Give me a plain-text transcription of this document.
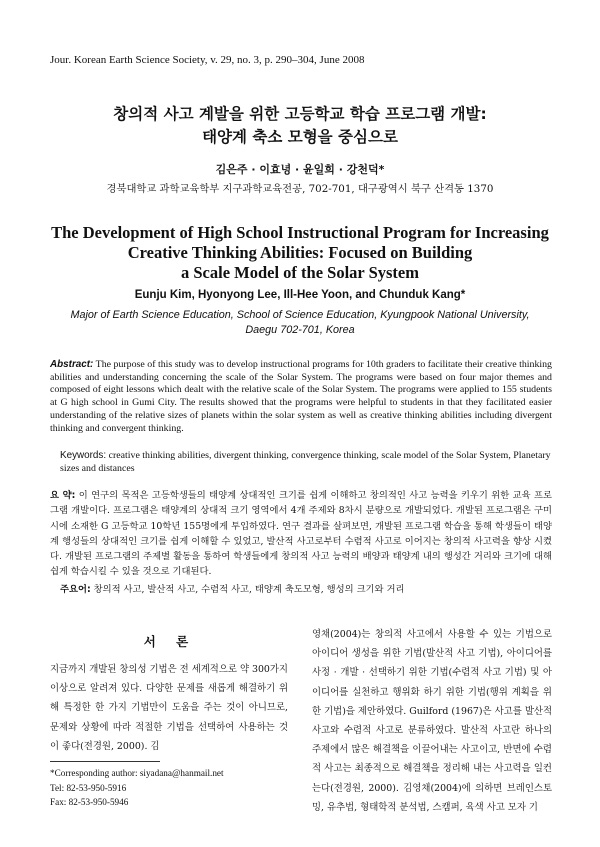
Jour. Korean Earth Science Society, v. 29, no. 3, p. 290–304, June 2008
창의적 사고 계발을 위한 고등학교 학습 프로그램 개발:
태양계 축소 모형을 중심으로
김은주 · 이효녕 · 윤일희 · 강천덕*
경북대학교 과학교육학부 지구과학교육전공, 702-701, 대구광역시 북구 산격동 1370
The Development of High School Instructional Program for Increasing
Creative Thinking Abilities: Focused on Building
a Scale Model of the Solar System
Eunju Kim, Hyonyong Lee, Ill-Hee Yoon, and Chunduk Kang*
Major of Earth Science Education, School of Science Education, Kyungpook National University,
Daegu 702-701, Korea
Abstract: The purpose of this study was to develop instructional programs for 10th graders to facilitate their creative thinking abilities and understanding concerning the scale of the Solar System. The programs were based on four major themes and composed of eight lessons which dealt with the relative scale of the Solar System. The programs were applied to 155 students at G high school in Gumi City. The results showed that the programs were helpful to students in that they facilitated easier understanding of the relative sizes of planets within the solar system as well as creative thinking abilities including divergent thinking and convergent thinking.
Keywords: creative thinking abilities, divergent thinking, convergence thinking, scale model of the Solar System, Planetary sizes and distances
요 약: 이 연구의 목적은 고등학생들의 태양계 상대적인 크기를 쉽게 이해하고 창의적인 사고 능력을 키우기 위한 교육 프로그램 개발이다. 프로그램은 태양계의 상대적 크기 영역에서 4개 주제와 8차시 분량으로 개발되었다. 개발된 프로그램은 구미시에 소재한 G 고등학교 10학년 155명에게 투입하였다. 연구 결과를 살펴보면, 개발된 프로그램 학습을 통해 학생들이 태양계 행성들의 상대적인 크기를 쉽게 이해할 수 있었고, 발산적 사고로부터 수렴적 사고로 이어지는 창의적 사고력을 향상 시켰다. 개발된 프로그램의 주제별 활동을 통하여 학생들에게 창의적 사고 능력의 배양과 태양계 내의 행성간 거리와 크기에 대해 쉽게 학습시킬 수 있을 것으로 기대된다.
주요어: 창의적 사고, 발산적 사고, 수렴적 사고, 태양계 축도모형, 행성의 크기와 거리
서 론
지금까지 개발된 창의성 기법은 전 세계적으로 약 300가지 이상으로 알려져 있다. 다양한 문제를 새롭게 해결하기 위해 특정한 한 가지 기법만이 도움을 주는 것이 아니므로, 문제와 상황에 따라 적절한 기법을 선택하여 사용하는 것이 좋다(전경원, 2000). 김
영채(2004)는 창의적 사고에서 사용할 수 있는 기법으로 아이디어 생성을 위한 기법(발산적 사고 기법), 아이디어를 사정 · 개발 · 선택하기 위한 기법(수렴적 사고 기법) 및 아이디어를 실천하고 행위화 하기 위한 기법(행위 계획을 위한 기법)을 제안하였다. Guilford (1967)은 사고를 발산적 사고와 수렴적 사고로 분류하였다. 발산적 사고란 하나의 주제에서 많은 해결책을 이끌어내는 사고이고, 반면에 수렴적 사고는 최종적으로 해결책을 정리해 내는 사고력을 일컨는다(전경원, 2000). 김영채(2004)에 의하면 브레인스토밍, 유추법, 형태학적 분석법, 스캠퍼, 육색 사고 모자 기
*Corresponding author: siyadana@hanmail.net
Tel: 82-53-950-5916
Fax: 82-53-950-5946
